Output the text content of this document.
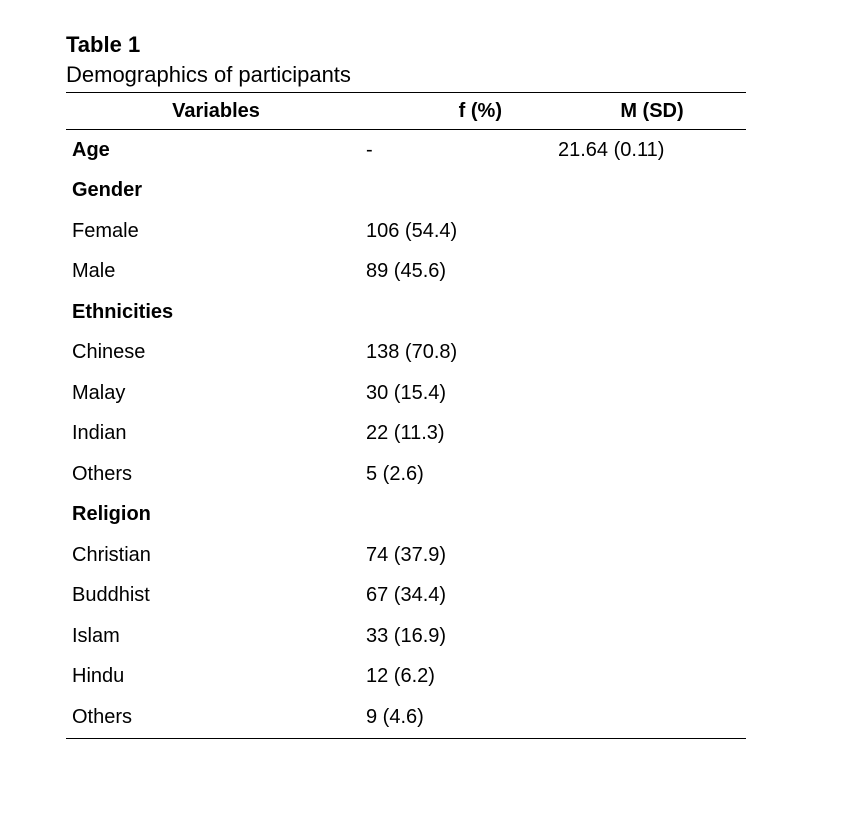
Table 1
Demographics of participants
Variables	f (%)	M (SD)
Age	-	21.64 (0.11)
Gender		
Female	106 (54.4)	
Male	89 (45.6)	
Ethnicities		
Chinese	138 (70.8)	
Malay	30 (15.4)	
Indian	22 (11.3)	
Others	5 (2.6)	
Religion		
Christian	74 (37.9)	
Buddhist	67 (34.4)	
Islam	33 (16.9)	
Hindu	12 (6.2)	
Others	9 (4.6)	
